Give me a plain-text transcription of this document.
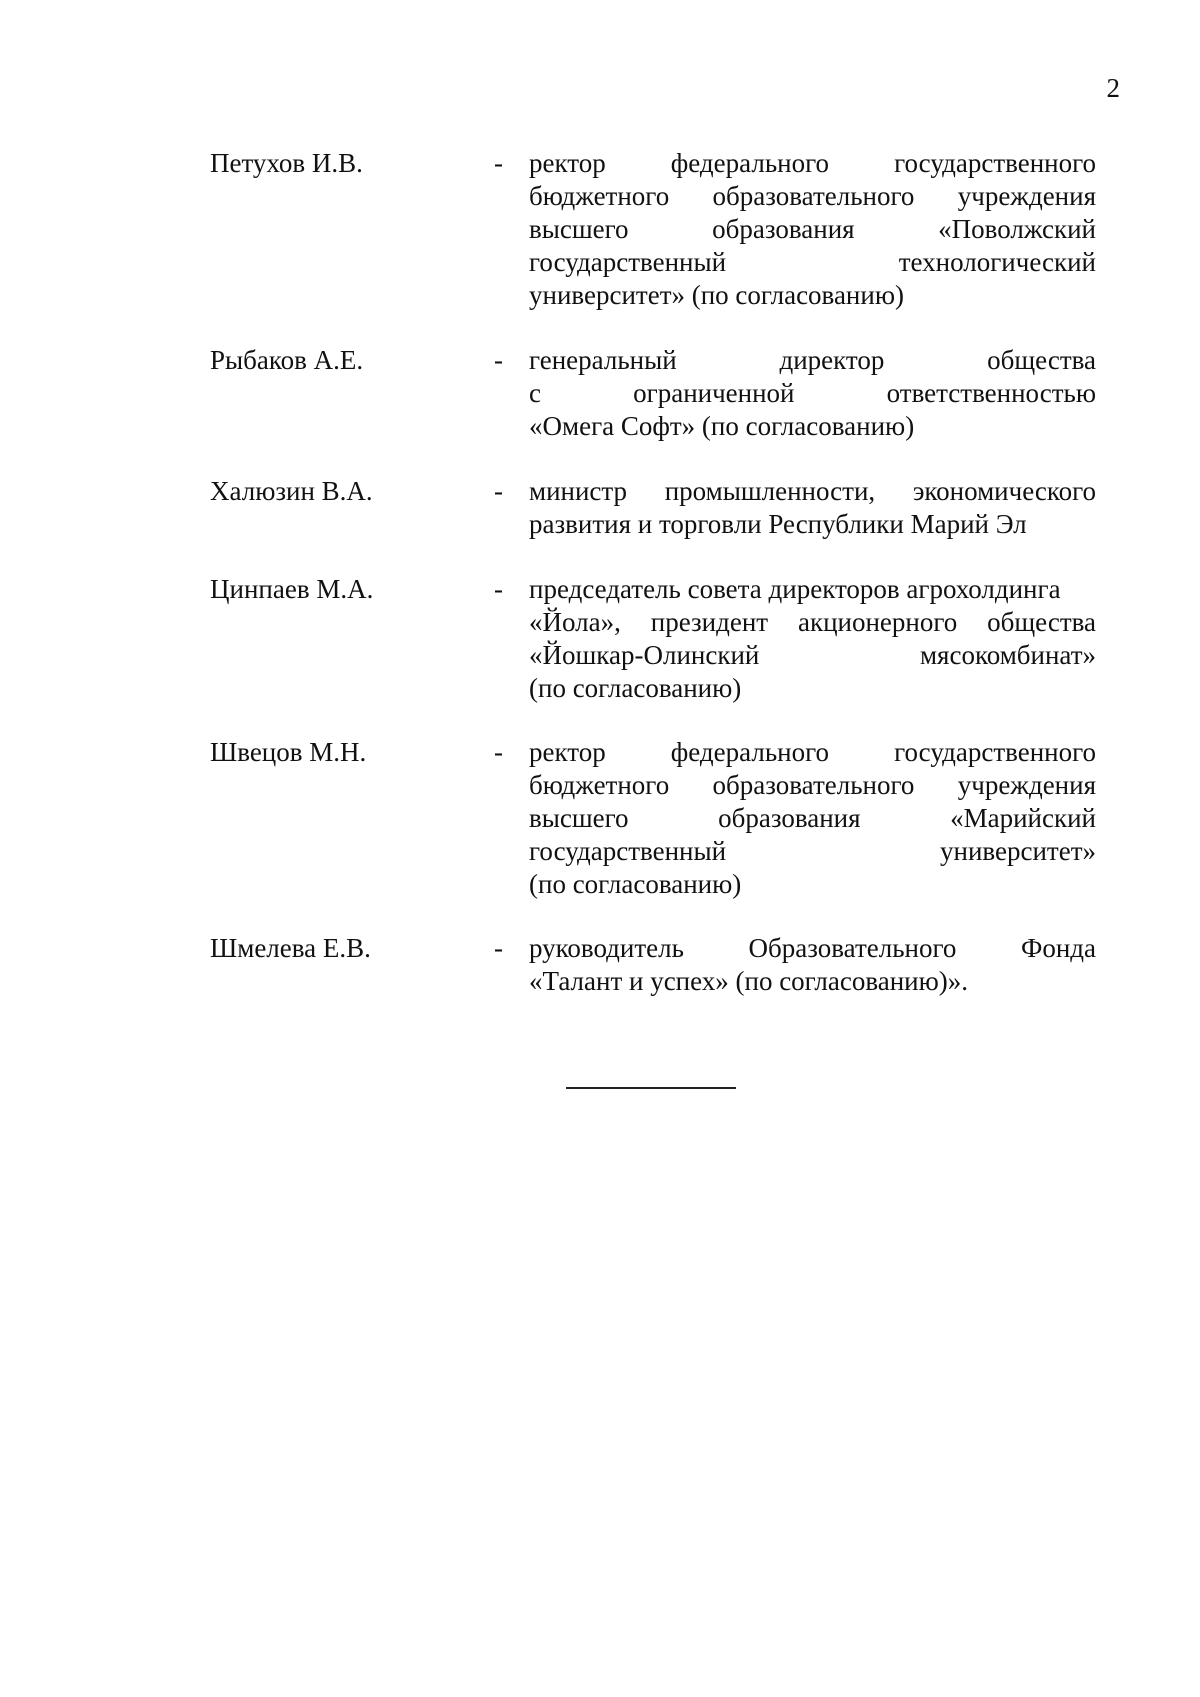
2
Петухов И.В.	- ректор федерального государственного
бюджетного образовательного учреждения
высшего образования «Поволжский
государственный технологический
университет» (по согласованию)
Рыбаков А.Е.	- генеральный директор общества
с ограниченной ответственностью
«Омега Софт» (по согласованию)
Халюзин В.А.	- министр промышленности, экономического
развития и торговли Республики Марий Эл
Цинпаев М.А.	- председатель совета директоров агрохолдинга
«Йола», президент акционерного общества
«Йошкар-Олинский мясокомбинат»
(по согласованию)
Швецов М.Н.	- ректор федерального государственного
бюджетного образовательного учреждения
высшего образования «Марийский
государственный университет»
(по согласованию)
Шмелева Е.В.	- руководитель Образовательного Фонда
«Талант и успех» (по согласованию)».
